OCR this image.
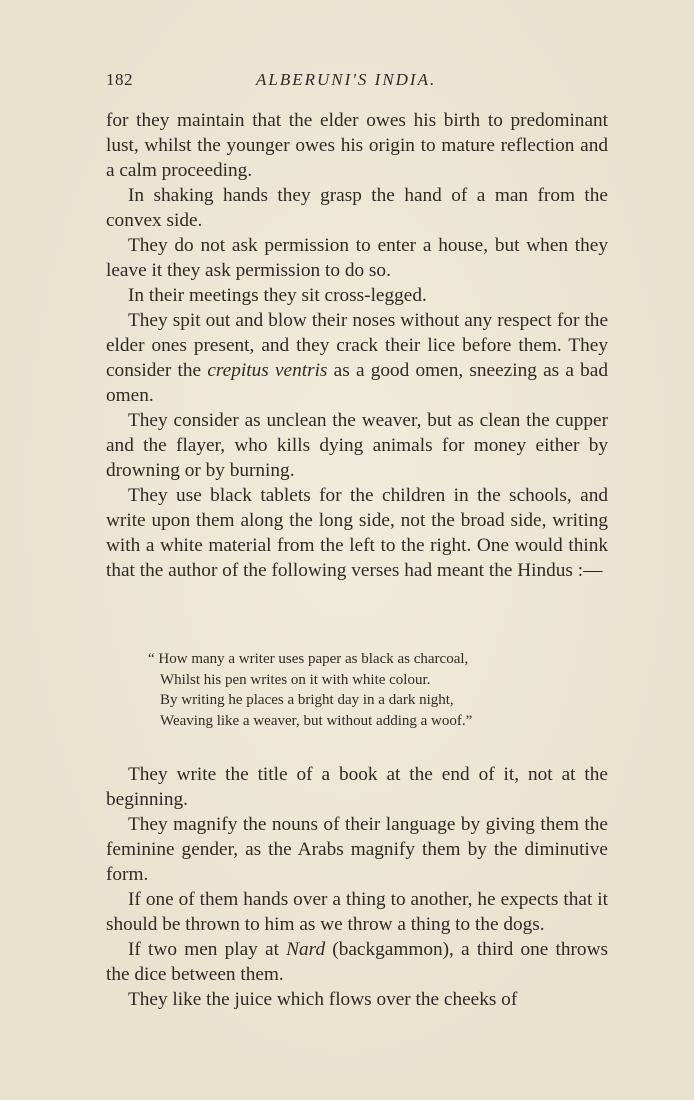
182	ALBERUNI'S INDIA.

for they maintain that the elder owes his birth to predominant lust, whilst the younger owes his origin to mature reflection and a calm proceeding.

In shaking hands they grasp the hand of a man from the convex side.

They do not ask permission to enter a house, but when they leave it they ask permission to do so.

In their meetings they sit cross-legged.

They spit out and blow their noses without any respect for the elder ones present, and they crack their lice before them. They consider the crepitus ventris as a good omen, sneezing as a bad omen.

They consider as unclean the weaver, but as clean the cupper and the flayer, who kills dying animals for money either by drowning or by burning.

They use black tablets for the children in the schools, and write upon them along the long side, not the broad side, writing with a white material from the left to the right. One would think that the author of the following verses had meant the Hindus :—

“ How many a writer uses paper as black as charcoal,
Whilst his pen writes on it with white colour.
By writing he places a bright day in a dark night,
Weaving like a weaver, but without adding a woof.”

They write the title of a book at the end of it, not at the beginning.

They magnify the nouns of their language by giving them the feminine gender, as the Arabs magnify them by the diminutive form.

If one of them hands over a thing to another, he expects that it should be thrown to him as we throw a thing to the dogs.

If two men play at Nard (backgammon), a third one throws the dice between them.

They like the juice which flows over the cheeks of
